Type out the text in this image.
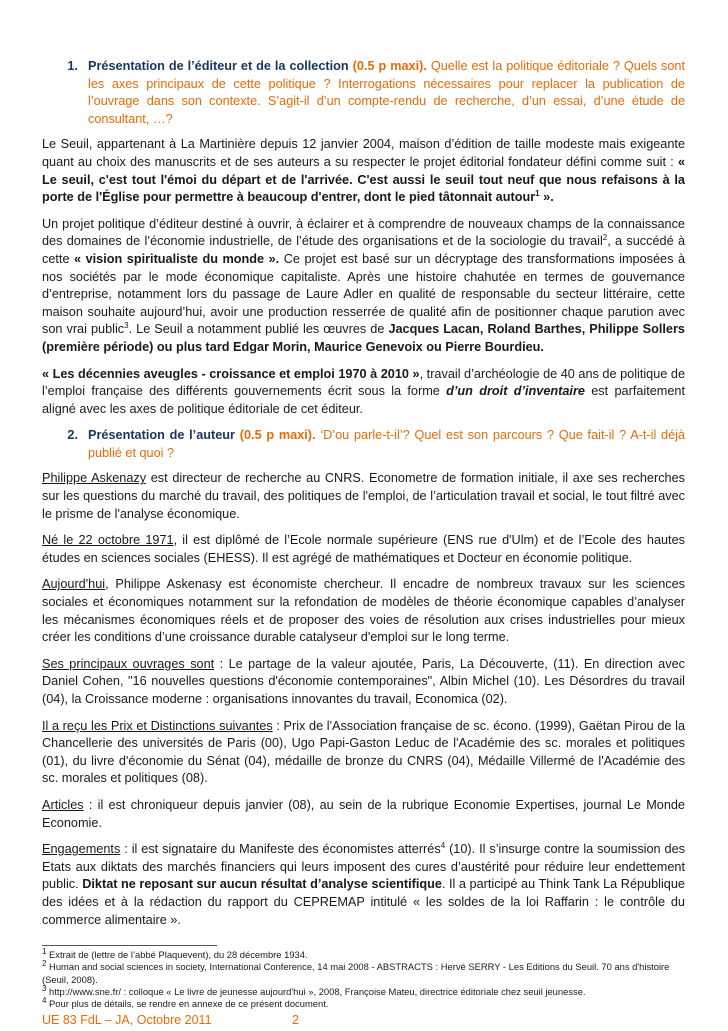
1. Présentation de l’éditeur et de la collection (0.5 p maxi). Quelle est la politique éditoriale ? Quels sont les axes principaux de cette politique ? Interrogations nécessaires pour replacer la publication de l’ouvrage dans son contexte. S’agit-il d’un compte-rendu de recherche, d’un essai, d’une étude de consultant, …?

Le Seuil, appartenant à La Martinière depuis 12 janvier 2004, maison d’édition de taille modeste mais exigeante quant au choix des manuscrits et de ses auteurs a su respecter le projet éditorial fondateur défini comme suit : « Le seuil, c'est tout l'émoi du départ et de l'arrivée. C'est aussi le seuil tout neuf que nous refaisons à la porte de l'Église pour permettre à beaucoup d'entrer, dont le pied tâtonnait autour$^1$ ».

Un projet politique d’éditeur destiné à ouvrir, à éclairer et à comprendre de nouveaux champs de la connaissance des domaines de l’économie industrielle, de l’étude des organisations et de la sociologie du travail$^2$, a succédé à cette « vision spiritualiste du monde ». Ce projet est basé sur un décryptage des transformations imposées à nos sociétés par le mode économique capitaliste. Après une histoire chahutée en termes de gouvernance d’entreprise, notamment lors du passage de Laure Adler en qualité de responsable du secteur littéraire, cette maison souhaite aujourd’hui, avoir une production resserrée de qualité afin de positionner chaque parution avec son vrai public$^3$. Le Seuil a notamment publié les œuvres de Jacques Lacan, Roland Barthes, Philippe Sollers (première période) ou plus tard Edgar Morin, Maurice Genevoix ou Pierre Bourdieu.

« Les décennies aveugles - croissance et emploi 1970 à 2010 », travail d’archéologie de 40 ans de politique de l’emploi française des différents gouvernements écrit sous la forme d’un droit d’inventaire est parfaitement aligné avec les axes de politique éditoriale de cet éditeur.

2. Présentation de l’auteur (0.5 p maxi). ‘D’ou parle-t-il’? Quel est son parcours ? Que fait-il ? A-t-il déjà publié et quoi ?

Philippe Askenazy est directeur de recherche au CNRS. Econometre de formation initiale, il axe ses recherches sur les questions du marché du travail, des politiques de l'emploi, de l’articulation travail et social, le tout filtré avec le prisme de l'analyse économique.

Né le 22 octobre 1971, il est diplômé de l’Ecole normale supérieure (ENS rue d'Ulm) et de l’Ecole des hautes études en sciences sociales (EHESS). Il est agrégé de mathématiques et Docteur en économie politique.

Aujourd'hui, Philippe Askenasy est économiste chercheur. Il encadre de nombreux travaux sur les sciences sociales et économiques notamment sur la refondation de modèles de théorie économique capables d’analyser les mécanismes économiques réels et de proposer des voies de résolution aux crises industrielles pour mieux créer les conditions d’une croissance durable catalyseur d'emploi sur le long terme.

Ses principaux ouvrages sont : Le partage de la valeur ajoutée, Paris, La Découverte, (11). En direction avec Daniel Cohen, "16 nouvelles questions d'économie contemporaines", Albin Michel (10). Les Désordres du travail (04), la Croissance moderne : organisations innovantes du travail, Economica (02).

Il a reçu les Prix et Distinctions suivantes : Prix de l'Association française de sc. écono. (1999), Gaëtan Pirou de la Chancellerie des universités de Paris (00), Ugo Papi-Gaston Leduc de l'Académie des sc. morales et politiques (01), du livre d'économie du Sénat (04), médaille de bronze du CNRS (04), Médaille Villermé de l'Académie des sc. morales et politiques (08).

Articles : il est chroniqueur depuis janvier (08), au sein de la rubrique Economie Expertises, journal Le Monde Economie.

Engagements : il est signataire du Manifeste des économistes atterrés$^4$ (10). Il s’insurge contre la soumission des Etats aux diktats des marchés financiers qui leurs imposent des cures d’austérité pour réduire leur endettement public. Diktat ne reposant sur aucun résultat d’analyse scientifique. Il a participé au Think Tank La République des idées et à la rédaction du rapport du CEPREMAP intitulé « les soldes de la loi Raffarin : le contrôle du commerce alimentaire ».

$^1$ Extrait de (lettre de l’abbé Plaquevent), du 28 décembre 1934.
$^2$ Human and social sciences in society, International Conference, 14 mai 2008 - ABSTRACTS : Hervé SERRY - Les Editions du Seuil. 70 ans d'histoire (Seuil, 2008).
$^3$ http://www.sne.fr/ : colloque « Le livre de jeunesse aujourd'hui », 2008, Françoise Mateu, directrice éditoriale chez seuil jeunesse.
$^4$ Pour plus de détails, se rendre en annexe de ce présent document.
UE 83 FdL – JA, Octobre 2011	2
